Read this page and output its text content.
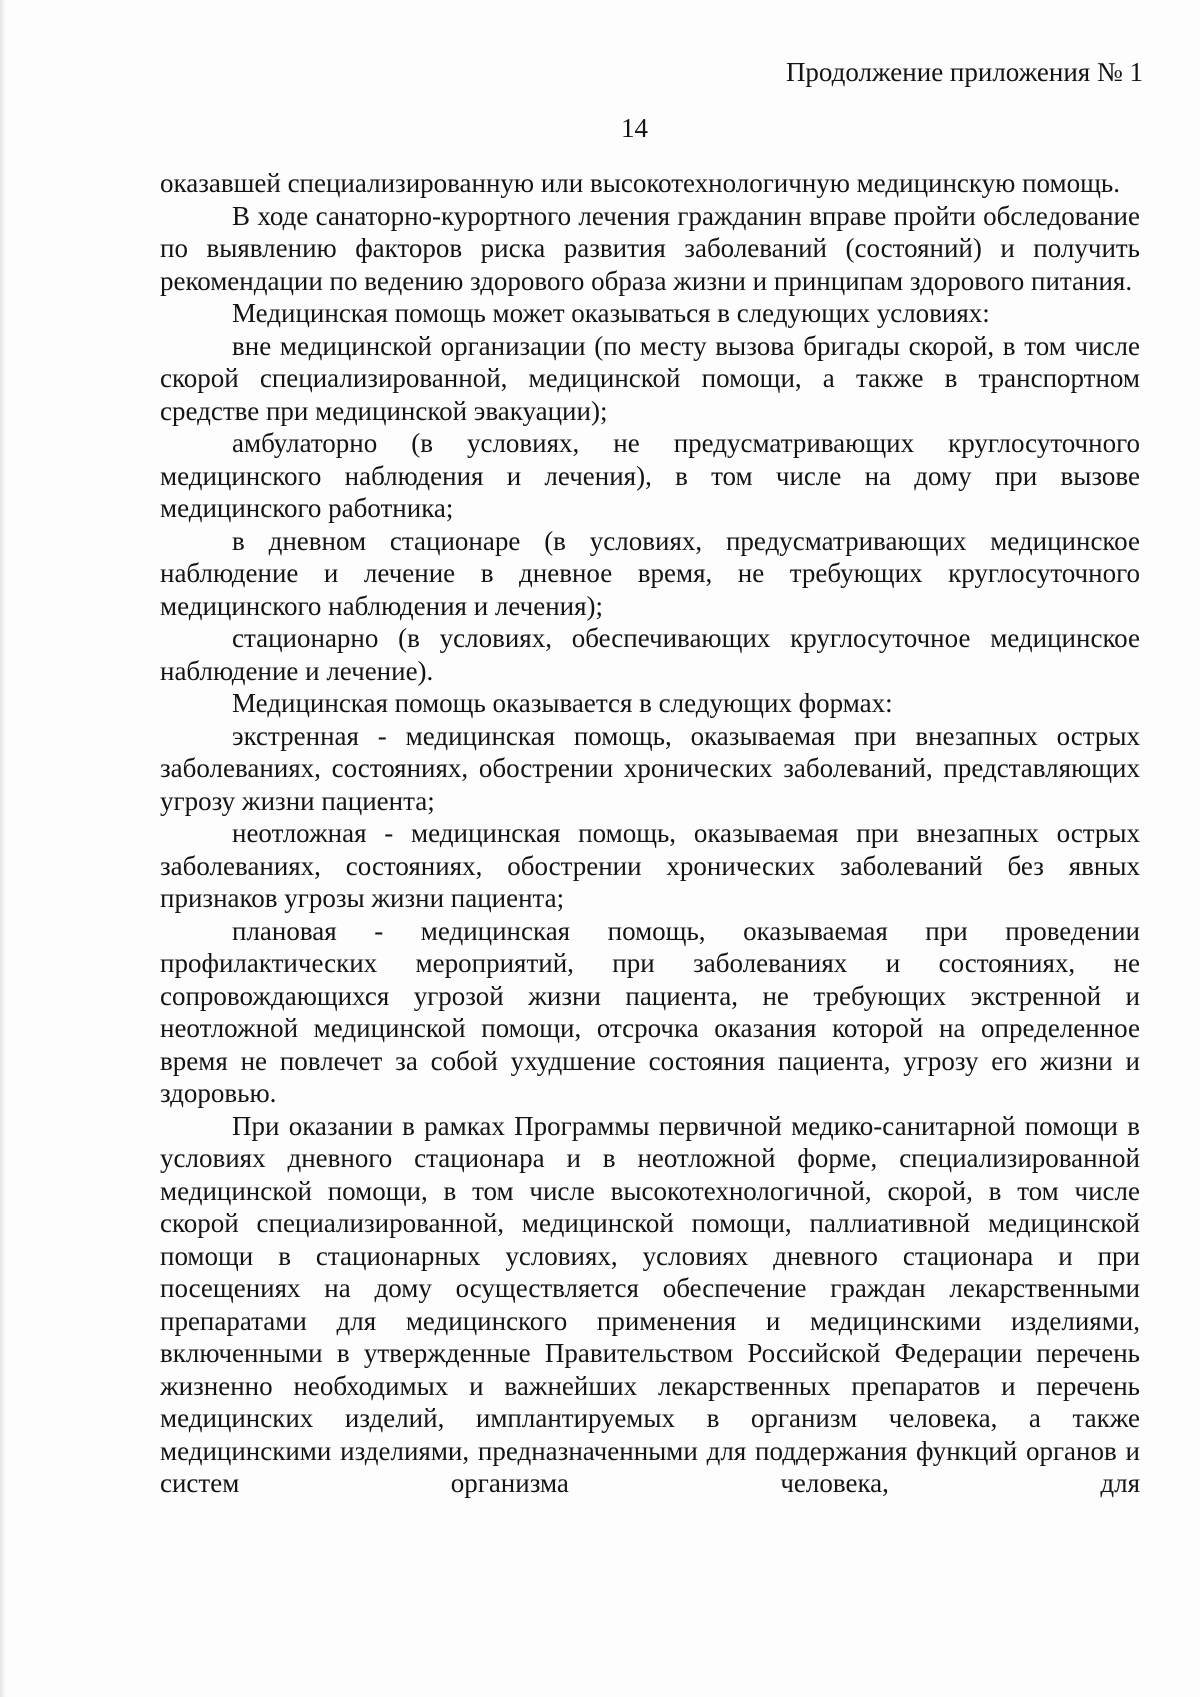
Продолжение приложения № 1
14

оказавшей специализированную или высокотехнологичную медицинскую помощь.

В ходе санаторно-курортного лечения гражданин вправе пройти обследование по выявлению факторов риска развития заболеваний (состояний) и получить рекомендации по ведению здорового образа жизни и принципам здорового питания.

Медицинская помощь может оказываться в следующих условиях:

вне медицинской организации (по месту вызова бригады скорой, в том числе скорой специализированной, медицинской помощи, а также в транспортном средстве при медицинской эвакуации);

амбулаторно (в условиях, не предусматривающих круглосуточного медицинского наблюдения и лечения), в том числе на дому при вызове медицинского работника;

в дневном стационаре (в условиях, предусматривающих медицинское наблюдение и лечение в дневное время, не требующих круглосуточного медицинского наблюдения и лечения);

стационарно (в условиях, обеспечивающих круглосуточное медицинское наблюдение и лечение).

Медицинская помощь оказывается в следующих формах:

экстренная - медицинская помощь, оказываемая при внезапных острых заболеваниях, состояниях, обострении хронических заболеваний, представляющих угрозу жизни пациента;

неотложная - медицинская помощь, оказываемая при внезапных острых заболеваниях, состояниях, обострении хронических заболеваний без явных признаков угрозы жизни пациента;

плановая - медицинская помощь, оказываемая при проведении профилактических мероприятий, при заболеваниях и состояниях, не сопровождающихся угрозой жизни пациента, не требующих экстренной и неотложной медицинской помощи, отсрочка оказания которой на определенное время не повлечет за собой ухудшение состояния пациента, угрозу его жизни и здоровью.

При оказании в рамках Программы первичной медико-санитарной помощи в условиях дневного стационара и в неотложной форме, специализированной медицинской помощи, в том числе высокотехнологичной, скорой, в том числе скорой специализированной, медицинской помощи, паллиативной медицинской помощи в стационарных условиях, условиях дневного стационара и при посещениях на дому осуществляется обеспечение граждан лекарственными препаратами для медицинского применения и медицинскими изделиями, включенными в утвержденные Правительством Российской Федерации перечень жизненно необходимых и важнейших лекарственных препаратов и перечень медицинских изделий, имплантируемых в организм человека, а также медицинскими изделиями, предназначенными для поддержания функций органов и систем организма человека, для
